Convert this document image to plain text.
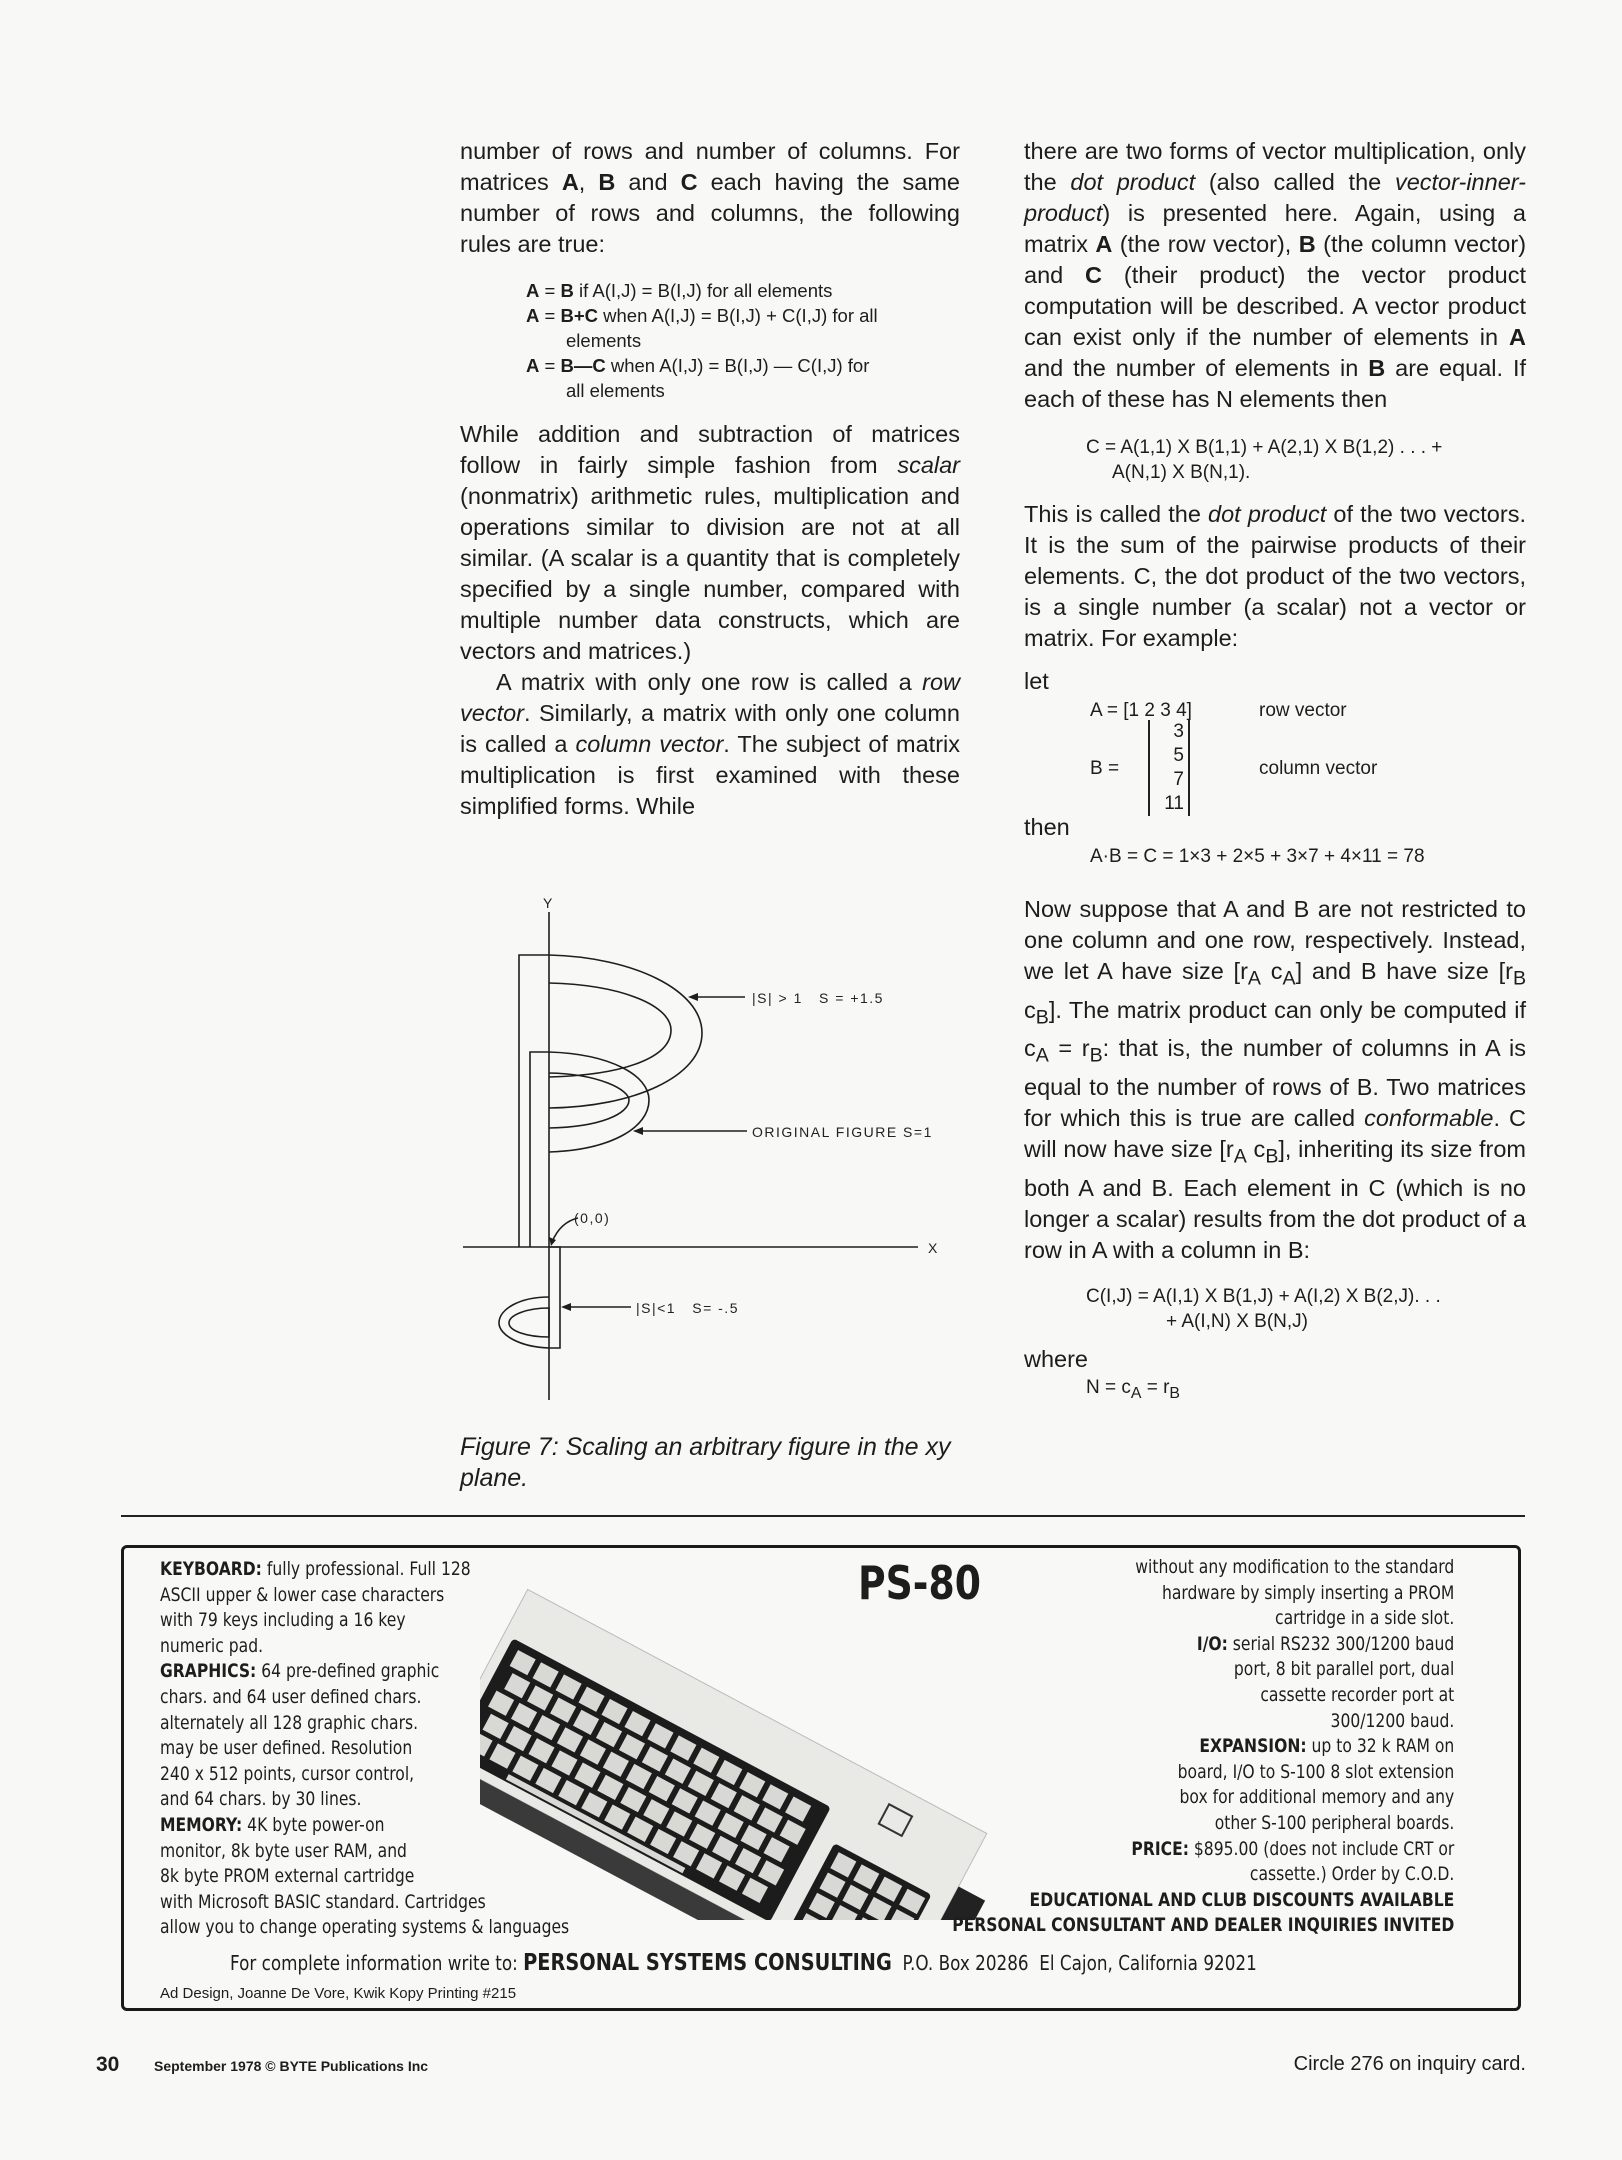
number of rows and number of columns. For matrices A, B and C each having the same number of rows and columns, the following rules are true:

A = B if A(I,J) = B(I,J) for all elements
A = B+C when A(I,J) = B(I,J) + C(I,J) for all
elements
A = B—C when A(I,J) = B(I,J) — C(I,J) for
all elements

While addition and subtraction of matrices follow in fairly simple fashion from scalar (nonmatrix) arithmetic rules, multiplication and operations similar to division are not at all similar. (A scalar is a quantity that is completely specified by a single number, compared with multiple number data constructs, which are vectors and matrices.)

A matrix with only one row is called a row vector. Similarly, a matrix with only one column is called a column vector. The subject of matrix multiplication is first examined with these simplified forms. While

Y
X
(0,0)
|S| > 1   S = +1.5
ORIGINAL FIGURE S=1
|S|<1   S= -.5
Figure 7: Scaling an arbitrary figure in the xy plane.

there are two forms of vector multiplication, only the dot product (also called the vector-inner-product) is presented here. Again, using a matrix A (the row vector), B (the column vector) and C (their product) the vector product computation will be described. A vector product can exist only if the number of elements in A and the number of elements in B are equal. If each of these has N elements then

C = A(1,1) X B(1,1) + A(2,1) X B(1,2) . . . +
A(N,1) X B(N,1).

This is called the dot product of the two vectors. It is the sum of the pairwise products of their elements. C, the dot product of the two vectors, is a single number (a scalar) not a vector or matrix. For example:

let
A = [1 2 3 4]	row vector
B =
3
5
7
11
column vector
then
A·B = C = 1×3 + 2×5 + 3×7 + 4×11 = 78

Now suppose that A and B are not restricted to one column and one row, respectively. Instead, we let A have size [$r_A$ $c_A$] and B have size [$r_B$ $c_B$]. The matrix product can only be computed if $c_A = r_B$: that is, the number of columns in A is equal to the number of rows of B. Two matrices for which this is true are called conformable. C will now have size [$r_A$ $c_B$], inheriting its size from both A and B. Each element in C (which is no longer a scalar) results from the dot product of a row in A with a column in B:

C(I,J) = A(I,1) X B(1,J) + A(I,2) X B(2,J). . .
+ A(I,N) X B(N,J)

where

$N = c_A = r_B$

PS-80
KEYBOARD: fully professional. Full 128
ASCII upper & lower case characters
with 79 keys including a 16 key
numeric pad.
GRAPHICS: 64 pre-defined graphic
chars. and 64 user defined chars.
alternately all 128 graphic chars.
may be user defined. Resolution
240 x 512 points, cursor control,
and 64 chars. by 30 lines.
MEMORY: 4K byte power-on
monitor, 8k byte user RAM, and
8k byte PROM external cartridge
with Microsoft BASIC standard. Cartridges
allow you to change operating systems & languages
without any modification to the standard
hardware by simply inserting a PROM
cartridge in a side slot.
I/O: serial RS232 300/1200 baud
port, 8 bit parallel port, dual
cassette recorder port at
300/1200 baud.
EXPANSION: up to 32 k RAM on
board, I/O to S-100 8 slot extension
box for additional memory and any
other S-100 peripheral boards.
PRICE: $895.00 (does not include CRT or
cassette.) Order by C.O.D.
EDUCATIONAL AND CLUB DISCOUNTS AVAILABLE
PERSONAL CONSULTANT AND DEALER INQUIRIES INVITED
For complete information write to: PERSONAL SYSTEMS CONSULTING  P.O. Box 20286  El Cajon, California 92021
Ad Design, Joanne De Vore, Kwik Kopy Printing #215
30 September 1978 © BYTE Publications Inc	Circle 276 on inquiry card.
